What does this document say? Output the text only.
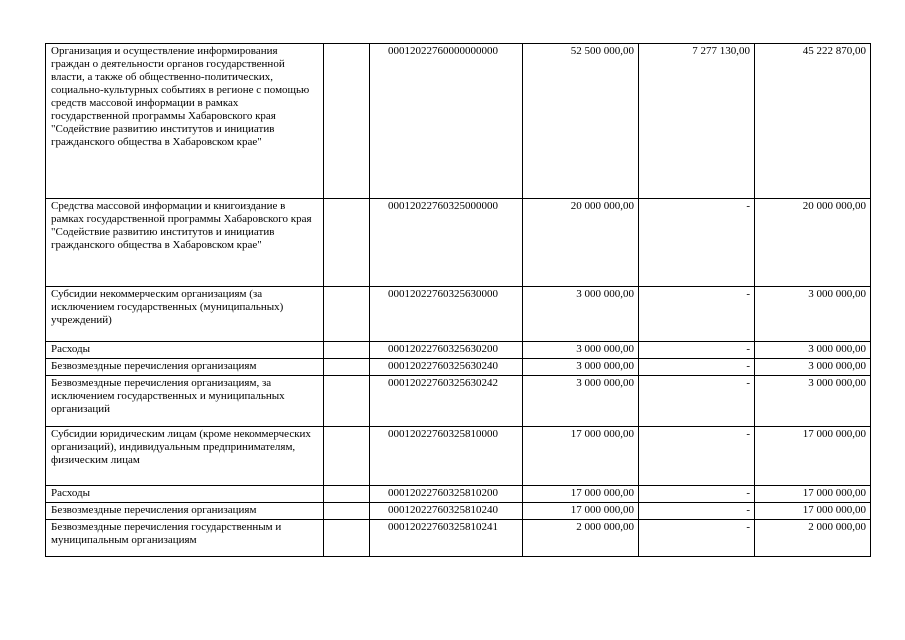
Организация и осуществление информирования граждан о деятельности органов государственной власти, а также об общественно-политических, социально-культурных событиях в регионе с помощью средств массовой информации в рамках государственной программы Хабаровского края "Содействие развитию институтов и инициатив гражданского общества в Хабаровском крае"		00012022760000000000	52 500 000,00	7 277 130,00	45 222 870,00
Средства массовой информации и книгоиздание в рамках государственной программы Хабаровского края "Содействие развитию институтов и инициатив гражданского общества в Хабаровском крае"		00012022760325000000	20 000 000,00	-	20 000 000,00
Субсидии некоммерческим организациям (за исключением государственных (муниципальных) учреждений)		00012022760325630000	3 000 000,00	-	3 000 000,00
Расходы		00012022760325630200	3 000 000,00	-	3 000 000,00
Безвозмездные перечисления организациям		00012022760325630240	3 000 000,00	-	3 000 000,00
Безвозмездные перечисления организациям, за исключением государственных и муниципальных организаций		00012022760325630242	3 000 000,00	-	3 000 000,00
Субсидии юридическим лицам (кроме некоммерческих организаций), индивидуальным предпринимателям, физическим лицам		00012022760325810000	17 000 000,00	-	17 000 000,00
Расходы		00012022760325810200	17 000 000,00	-	17 000 000,00
Безвозмездные перечисления организациям		00012022760325810240	17 000 000,00	-	17 000 000,00
Безвозмездные перечисления государственным и муниципальным организациям		00012022760325810241	2 000 000,00	-	2 000 000,00
